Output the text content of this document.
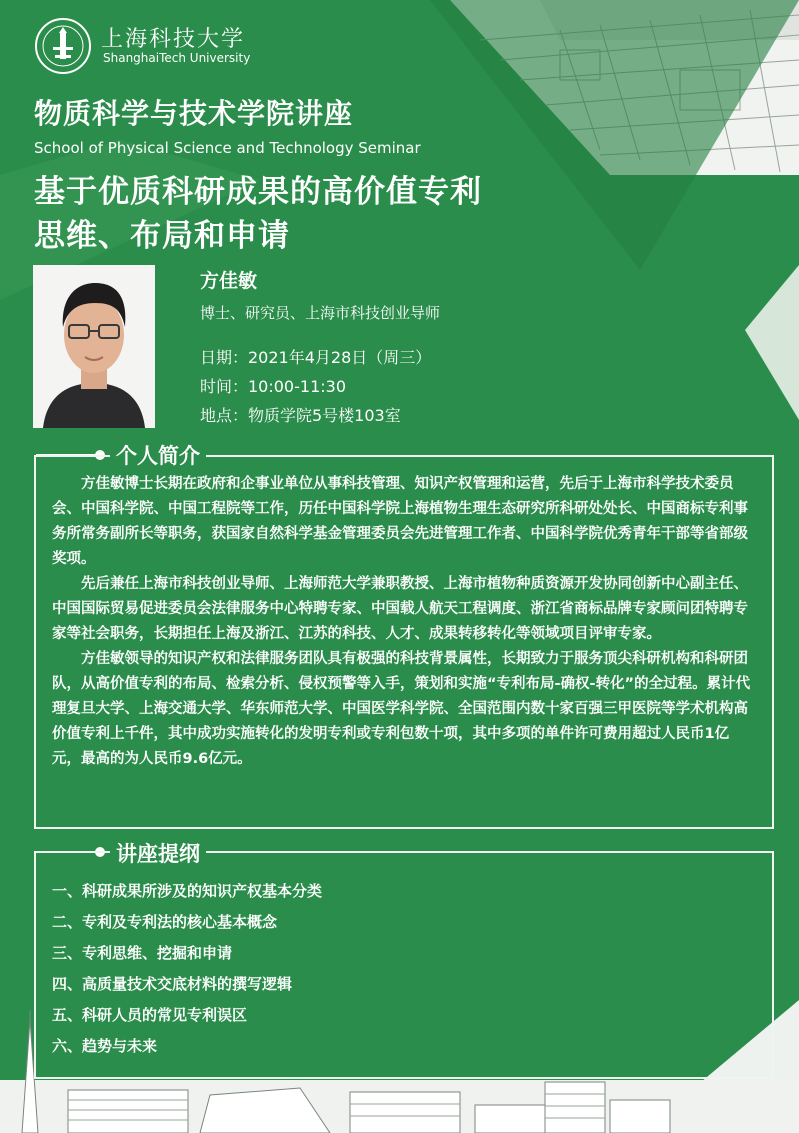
上海科技大学
ShanghaiTech University
物质科学与技术学院讲座
School of Physical Science and Technology Seminar
基于优质科研成果的高价值专利
思维、布局和申请
方佳敏
博士、研究员、上海市科技创业导师
日期：2021年4月28日（周三）
时间：10:00-11:30
地点：物质学院5号楼103室
个人简介

方佳敏博士长期在政府和企事业单位从事科技管理、知识产权管理和运营，先后于上海市科学技术委员会、中国科学院、中国工程院等工作，历任中国科学院上海植物生理生态研究所科研处处长、中国商标专利事务所常务副所长等职务，获国家自然科学基金管理委员会先进管理工作者、中国科学院优秀青年干部等省部级奖项。

先后兼任上海市科技创业导师、上海师范大学兼职教授、上海市植物种质资源开发协同创新中心副主任、中国国际贸易促进委员会法律服务中心特聘专家、中国载人航天工程调度、浙江省商标品牌专家顾问团特聘专家等社会职务，长期担任上海及浙江、江苏的科技、人才、成果转移转化等领域项目评审专家。

方佳敏领导的知识产权和法律服务团队具有极强的科技背景属性，长期致力于服务顶尖科研机构和科研团队，从高价值专利的布局、检索分析、侵权预警等入手，策划和实施“专利布局-确权-转化”的全过程。累计代理复旦大学、上海交通大学、华东师范大学、中国医学科学院、全国范围内数十家百强三甲医院等学术机构高价值专利上千件，其中成功实施转化的发明专利或专利包数十项，其中多项的单件许可费用超过人民币1亿元，最高的为人民币9.6亿元。

讲座提纲
一、科研成果所涉及的知识产权基本分类
二、专利及专利法的核心基本概念
三、专利思维、挖掘和申请
四、高质量技术交底材料的撰写逻辑
五、科研人员的常见专利误区
六、趋势与未来
